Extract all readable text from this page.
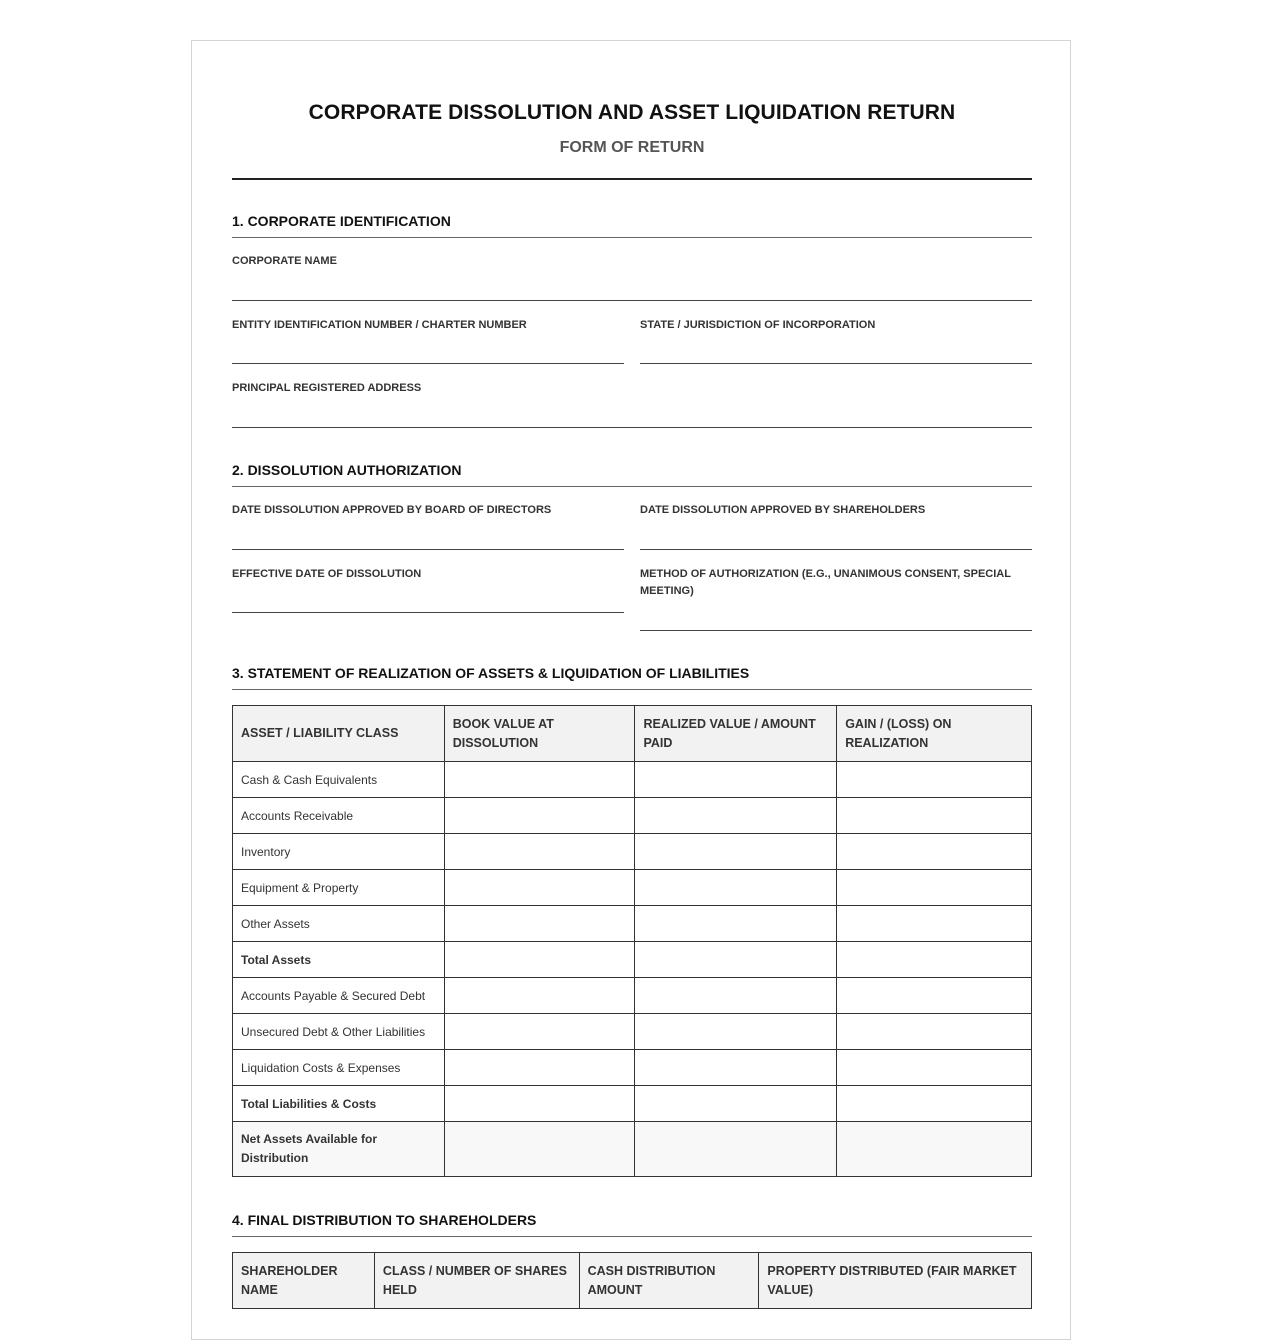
CORPORATE DISSOLUTION AND ASSET LIQUIDATION RETURN
FORM OF RETURN
1. CORPORATE IDENTIFICATION
CORPORATE NAME
ENTITY IDENTIFICATION NUMBER / CHARTER NUMBER	STATE / JURISDICTION OF INCORPORATION
PRINCIPAL REGISTERED ADDRESS
2. DISSOLUTION AUTHORIZATION
DATE DISSOLUTION APPROVED BY BOARD OF DIRECTORS	DATE DISSOLUTION APPROVED BY SHAREHOLDERS
EFFECTIVE DATE OF DISSOLUTION	METHOD OF AUTHORIZATION (E.G., UNANIMOUS CONSENT, SPECIAL MEETING)
3. STATEMENT OF REALIZATION OF ASSETS & LIQUIDATION OF LIABILITIES
ASSET / LIABILITY CLASS	BOOK VALUE AT DISSOLUTION	REALIZED VALUE / AMOUNT PAID	GAIN / (LOSS) ON REALIZATION
Cash & Cash Equivalents			
Accounts Receivable			
Inventory			
Equipment & Property			
Other Assets			
Total Assets			
Accounts Payable & Secured Debt			
Unsecured Debt & Other Liabilities			
Liquidation Costs & Expenses			
Total Liabilities & Costs			
Net Assets Available for Distribution			
4. FINAL DISTRIBUTION TO SHAREHOLDERS
SHAREHOLDER NAME	CLASS / NUMBER OF SHARES HELD	CASH DISTRIBUTION AMOUNT	PROPERTY DISTRIBUTED (FAIR MARKET VALUE)
